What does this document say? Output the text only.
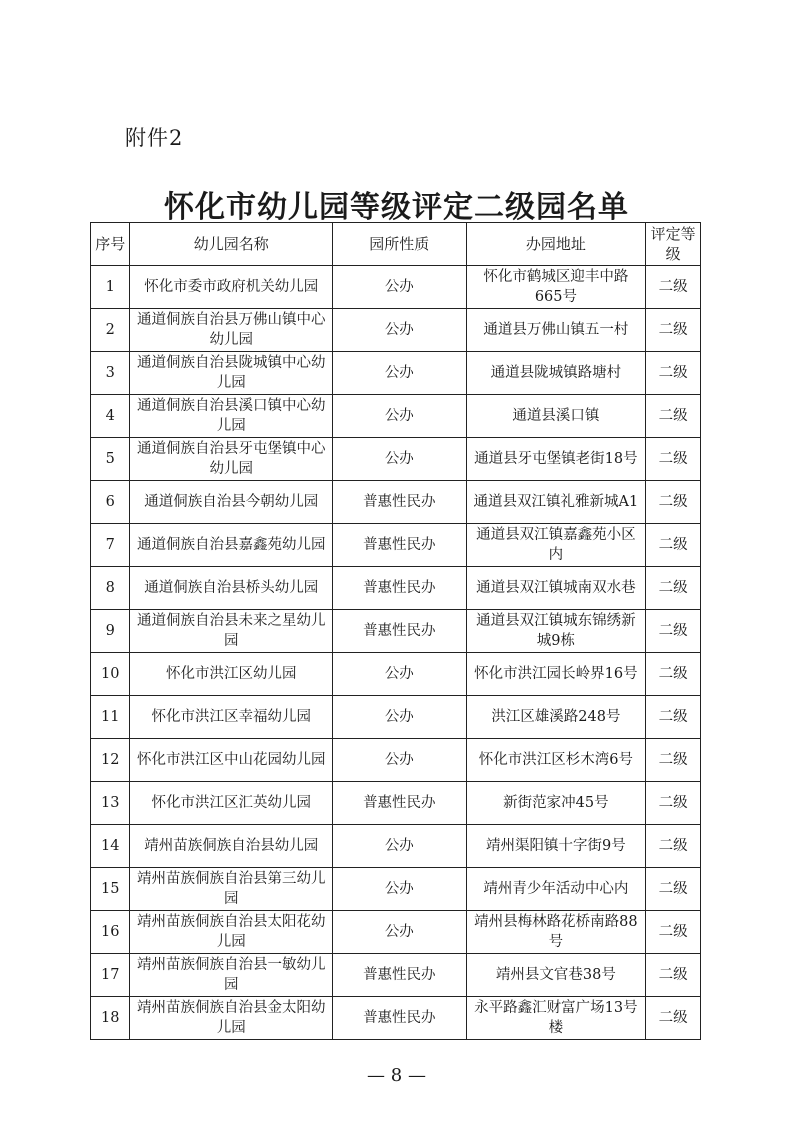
附件2
怀化市幼儿园等级评定二级园名单
序号	幼儿园名称	园所性质	办园地址	评定等级
1	怀化市委市政府机关幼儿园	公办	怀化市鹤城区迎丰中路665号	二级
2	通道侗族自治县万佛山镇中心幼儿园	公办	通道县万佛山镇五一村	二级
3	通道侗族自治县陇城镇中心幼儿园	公办	通道县陇城镇路塘村	二级
4	通道侗族自治县溪口镇中心幼儿园	公办	通道县溪口镇	二级
5	通道侗族自治县牙屯堡镇中心幼儿园	公办	通道县牙屯堡镇老街18号	二级
6	通道侗族自治县今朝幼儿园	普惠性民办	通道县双江镇礼雅新城A1	二级
7	通道侗族自治县嘉鑫苑幼儿园	普惠性民办	通道县双江镇嘉鑫苑小区内	二级
8	通道侗族自治县桥头幼儿园	普惠性民办	通道县双江镇城南双水巷	二级
9	通道侗族自治县未来之星幼儿园	普惠性民办	通道县双江镇城东锦绣新城9栋	二级
10	怀化市洪江区幼儿园	公办	怀化市洪江园长岭界16号	二级
11	怀化市洪江区幸福幼儿园	公办	洪江区雄溪路248号	二级
12	怀化市洪江区中山花园幼儿园	公办	怀化市洪江区杉木湾6号	二级
13	怀化市洪江区汇英幼儿园	普惠性民办	新街范家冲45号	二级
14	靖州苗族侗族自治县幼儿园	公办	靖州渠阳镇十字街9号	二级
15	靖州苗族侗族自治县第三幼儿园	公办	靖州青少年活动中心内	二级
16	靖州苗族侗族自治县太阳花幼儿园	公办	靖州县梅林路花桥南路88号	二级
17	靖州苗族侗族自治县一敏幼儿园	普惠性民办	靖州县文官巷38号	二级
18	靖州苗族侗族自治县金太阳幼儿园	普惠性民办	永平路鑫汇财富广场13号楼	二级
— 8 —
